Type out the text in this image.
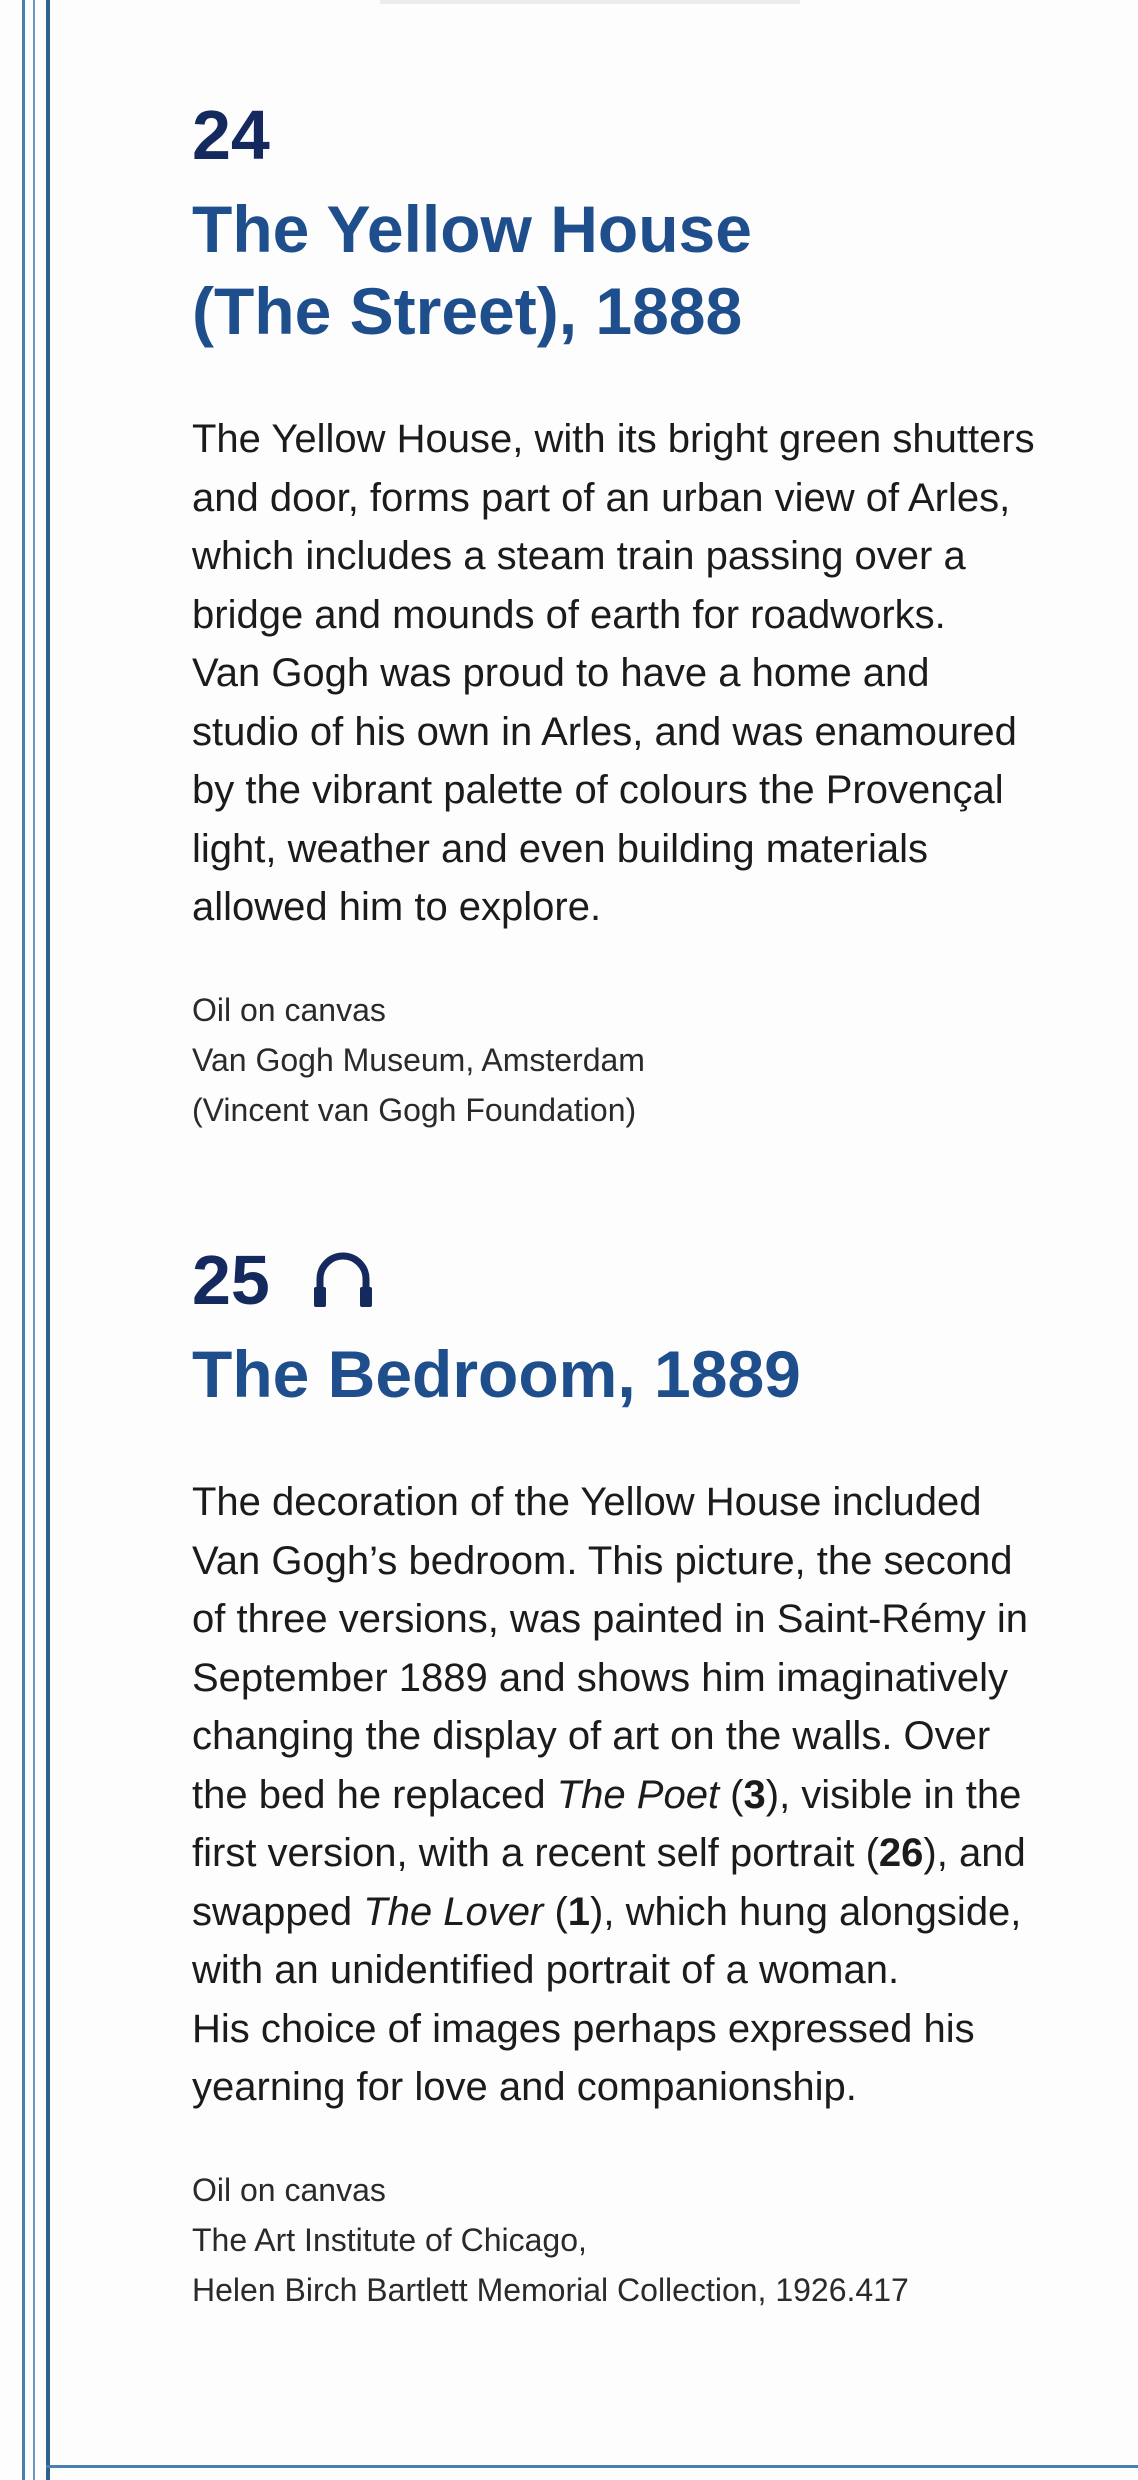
24
The Yellow House
(The Street), 1888
The Yellow House, with its bright green shutters
and door, forms part of an urban view of Arles,
which includes a steam train passing over a
bridge and mounds of earth for roadworks.
Van Gogh was proud to have a home and
studio of his own in Arles, and was enamoured
by the vibrant palette of colours the Provençal
light, weather and even building materials
allowed him to explore.
Oil on canvas
Van Gogh Museum, Amsterdam
(Vincent van Gogh Foundation)
25
The Bedroom, 1889
The decoration of the Yellow House included
Van Gogh’s bedroom. This picture, the second
of three versions, was painted in Saint-Rémy in
September 1889 and shows him imaginatively
changing the display of art on the walls. Over
the bed he replaced The Poet (3), visible in the
first version, with a recent self portrait (26), and
swapped The Lover (1), which hung alongside,
with an unidentified portrait of a woman.
His choice of images perhaps expressed his
yearning for love and companionship.
Oil on canvas
The Art Institute of Chicago,
Helen Birch Bartlett Memorial Collection, 1926.417
